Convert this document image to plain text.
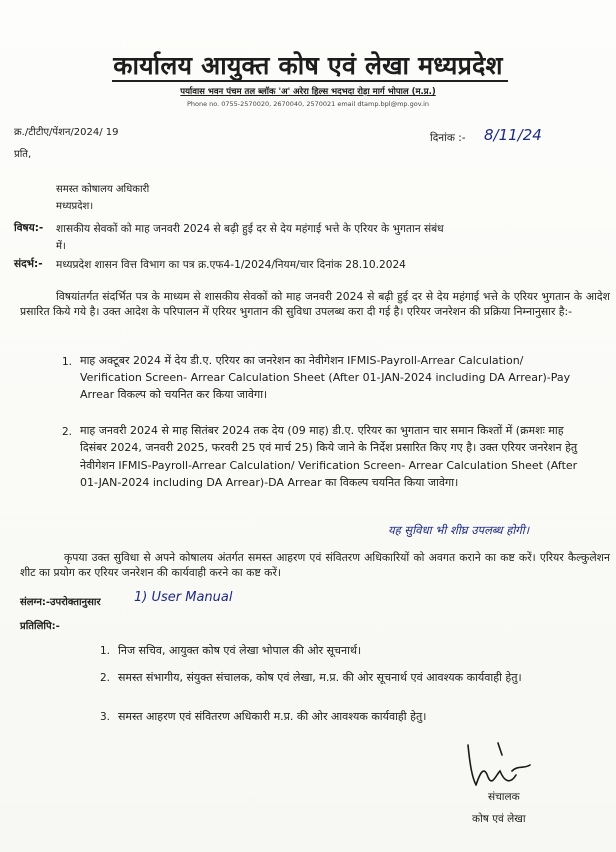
कार्यालय आयुक्त कोष एवं लेखा मध्यप्रदेश
पर्यावास भवन पंचम तल ब्लॉक 'अ' अरेरा हिल्स भदभदा रोड़ा मार्ग भोपाल (म.प्र.)
Phone no. 0755-2570020, 2670040, 2570021 email dtamp.bpl@mp.gov.in
क्र./टीटीए/पेंशन/2024/ 19	दिनांक :- 8/11/24
प्रति,
समस्त कोषालय अधिकारी
मध्यप्रदेश।
विषय:- शासकीय सेवकों को माह जनवरी 2024 से बढ़ी हुई दर से देय महंगाई भत्ते के एरियर के भुगतान संबंध
में।
संदर्भ:- मध्यप्रदेश शासन वित्त विभाग का पत्र क्र.एफ4-1/2024/नियम/चार दिनांक 28.10.2024
विषयांतर्गत संदर्भित पत्र के माध्यम से शासकीय सेवकों को माह जनवरी 2024 से बढ़ी हुई दर से देय महंगाई भत्ते के एरियर भुगतान के आदेश प्रसारित किये गये है। उक्त आदेश के परिपालन में एरियर भुगतान की सुविधा उपलब्ध करा दी गई है। एरियर जनरेशन की प्रक्रिया निम्नानुसार है:-
1. माह अक्टूबर 2024 में देय डी.ए. एरियर का जनरेशन का नेवीगेशन IFMIS-Payroll-Arrear Calculation/ Verification Screen- Arrear Calculation Sheet (After 01-JAN-2024 including DA Arrear)-Pay Arrear विकल्प को चयनित कर किया जावेगा।
2. माह जनवरी 2024 से माह सितंबर 2024 तक देय (09 माह) डी.ए. एरियर का भुगतान चार समान किश्तों में (क्रमशः माह दिसंबर 2024, जनवरी 2025, फरवरी 25 एवं मार्च 25) किये जाने के निर्देश प्रसारित किए गए है। उक्त एरियर जनरेशन हेतु नेवीगेशन IFMIS-Payroll-Arrear Calculation/ Verification Screen- Arrear Calculation Sheet (After 01-JAN-2024 including DA Arrear)-DA Arrear का विकल्प चयनित किया जावेगा।
यह सुविधा भी शीघ्र उपलब्ध होगी।
कृपया उक्त सुविधा से अपने कोषालय अंतर्गत समस्त आहरण एवं संवितरण अधिकारियों को अवगत कराने का कष्ट करें। एरियर कैल्कुलेशन शीट का प्रयोग कर एरियर जनरेशन की कार्यवाही करने का कष्ट करें।
संलग्न:-उपरोक्तानुसार	1) User Manual
प्रतिलिपि:-
1. निज सचिव, आयुक्त कोष एवं लेखा भोपाल की ओर सूचनार्थ।
2. समस्त संभागीय, संयुक्त संचालक, कोष एवं लेखा, म.प्र. की ओर सूचनार्थ एवं आवश्यक कार्यवाही हेतु।
3. समस्त आहरण एवं संवितरण अधिकारी म.प्र. की ओर आवश्यक कार्यवाही हेतु।
संचालक
कोष एवं लेखा
